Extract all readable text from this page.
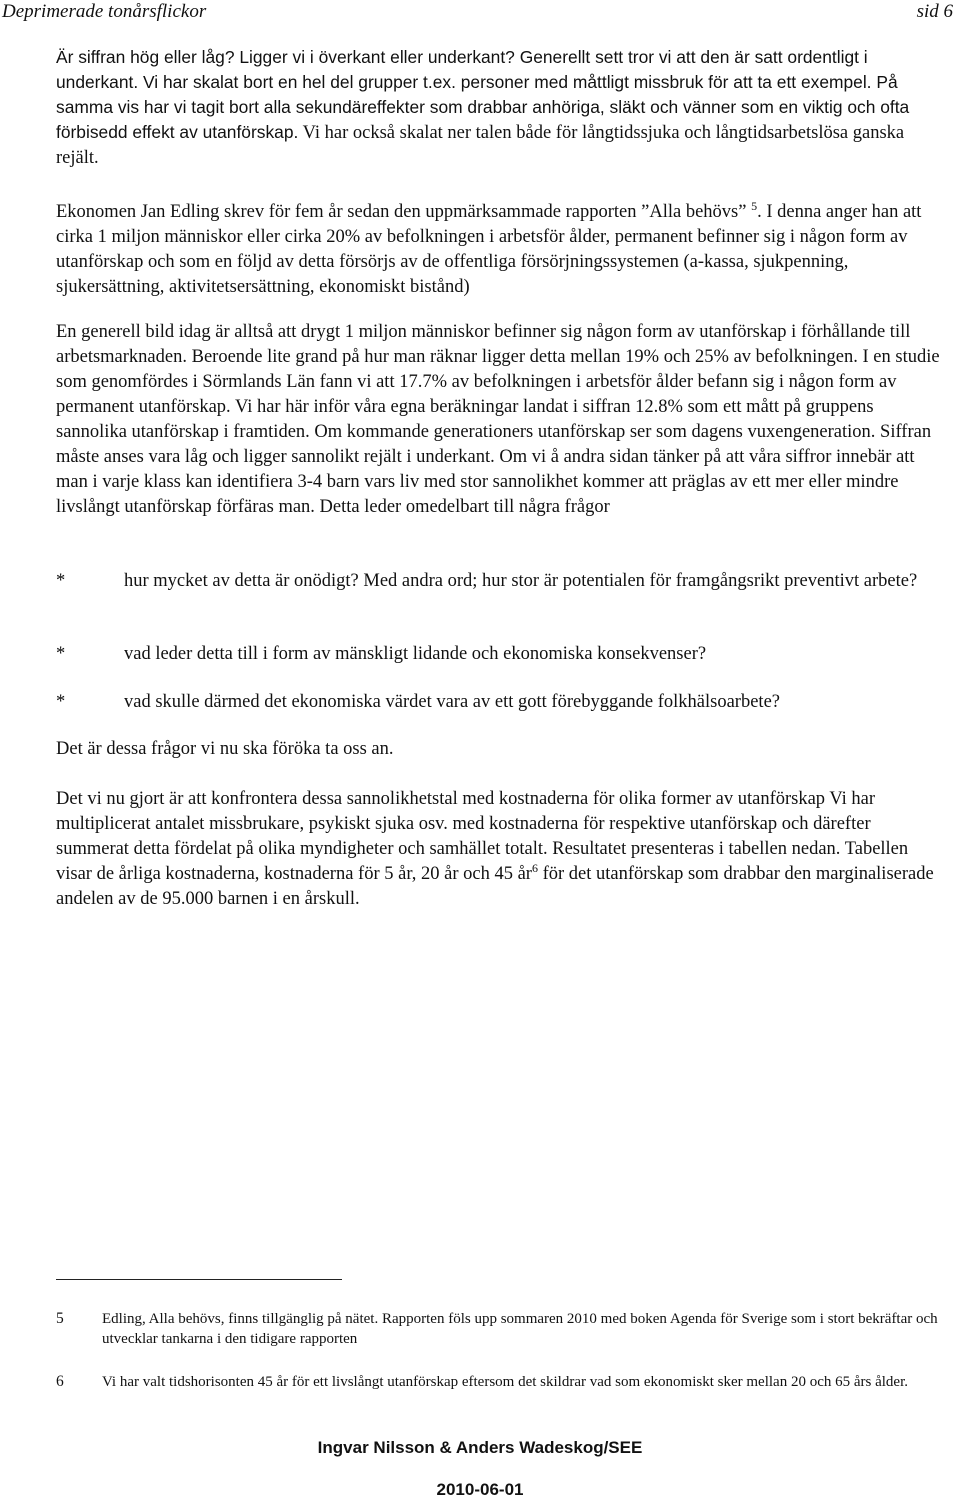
Deprimerade tonårsflickor	sid 6

Är siffran hög eller låg? Ligger vi i överkant eller underkant? Generellt sett tror vi att den är satt ordentligt i underkant. Vi har skalat bort en hel del grupper t.ex. personer med måttligt missbruk för att ta ett exempel. På samma vis har vi tagit bort alla sekundäreffekter som drabbar anhöriga, släkt och vänner som en viktig och ofta förbisedd effekt av utanförskap. Vi har också skalat ner talen både för långtidssjuka och långtidsarbetslösa ganska rejält.

Ekonomen Jan Edling skrev för fem år sedan den uppmärksammade rapporten ”Alla behövs” $^5$. I denna anger han att cirka 1 miljon människor eller cirka 20% av befolkningen i arbetsför ålder, permanent befinner sig i någon form av utanförskap och som en följd av detta försörjs av de offentliga försörjningssystemen (a-kassa, sjukpenning, sjukersättning, aktivitetsersättning, ekonomiskt bistånd)

En generell bild idag är alltså att drygt 1 miljon människor befinner sig någon form av utanförskap i förhållande till arbetsmarknaden. Beroende lite grand på hur man räknar ligger detta mellan 19% och 25% av befolkningen. I en studie som genomfördes i Sörmlands Län fann vi att 17.7% av befolkningen i arbetsför ålder befann sig i någon form av permanent utanförskap. Vi har här inför våra egna beräkningar landat i siffran 12.8% som ett mått på gruppens sannolika utanförskap i framtiden. Om kommande generationers utanförskap ser som dagens vuxengeneration. Siffran måste anses vara låg och ligger sannolikt rejält i underkant. Om vi å andra sidan tänker på att våra siffror innebär att man i varje klass kan identifiera 3-4 barn vars liv med stor sannolikhet kommer att präglas av ett mer eller mindre livslångt utanförskap förfäras man. Detta leder omedelbart till några frågor

*	hur mycket av detta är onödigt? Med andra ord; hur stor är potentialen för framgångsrikt preventivt arbete?
*	vad leder detta till i form av mänskligt lidande och ekonomiska konsekvenser?
*	vad skulle därmed det ekonomiska värdet vara av ett gott förebyggande folkhälsoarbete?

Det är dessa frågor vi nu ska föröka ta oss an.

Det vi nu gjort är att konfrontera dessa sannolikhetstal med kostnaderna för olika former av utanförskap Vi har multiplicerat antalet missbrukare, psykiskt sjuka osv. med kostnaderna för respektive utanförskap och därefter summerat detta fördelat på olika myndigheter och samhället totalt. Resultatet presenteras i tabellen nedan. Tabellen visar de årliga kostnaderna, kostnaderna för 5 år, 20 år och 45 $år^6$ för det utanförskap som drabbar den marginaliserade andelen av de 95.000 barnen i en årskull.

5	Edling, Alla behövs, finns tillgänglig på nätet. Rapporten föls upp sommaren 2010 med boken Agenda för Sverige som i stort bekräftar och utvecklar tankarna i den tidigare rapporten
6	Vi har valt tidshorisonten 45 år för ett livslångt utanförskap eftersom det skildrar vad som ekonomiskt sker mellan 20 och 65 års ålder.
Ingvar Nilsson & Anders Wadeskog/SEE
2010-06-01
